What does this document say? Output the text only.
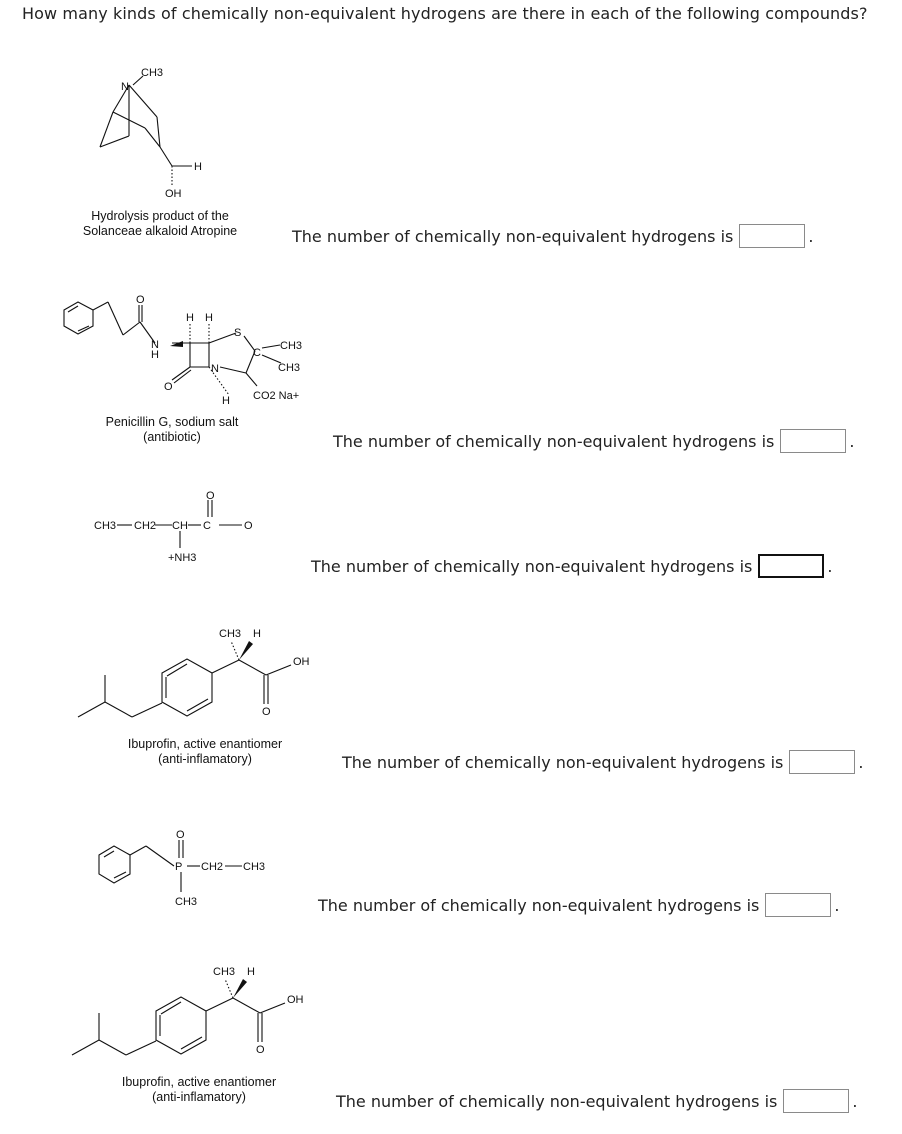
How many kinds of chemically non-equivalent hydrogens are there in each of the following compounds?
N
CH3
H
OH
Hydrolysis product of the
Solanceae alkaloid Atropine	The number of chemically non-equivalent hydrogens is	.
O
N
H
H H
S
C
CH3
CH3
N
O
H CO2 Na+
Penicillin G, sodium salt
(antibiotic)	The number of chemically non-equivalent hydrogens is	.
CH3 CH2 CH C
O
O
+NH3	The number of chemically non-equivalent hydrogens is	.
CH3 H
OH
O
Ibuprofin, active enantiomer
(anti-inflamatory)	The number of chemically non-equivalent hydrogens is	.
O
P CH2 CH3
CH3	The number of chemically non-equivalent hydrogens is	.
CH3 H
OH
O
Ibuprofin, active enantiomer
(anti-inflamatory)	The number of chemically non-equivalent hydrogens is	.
